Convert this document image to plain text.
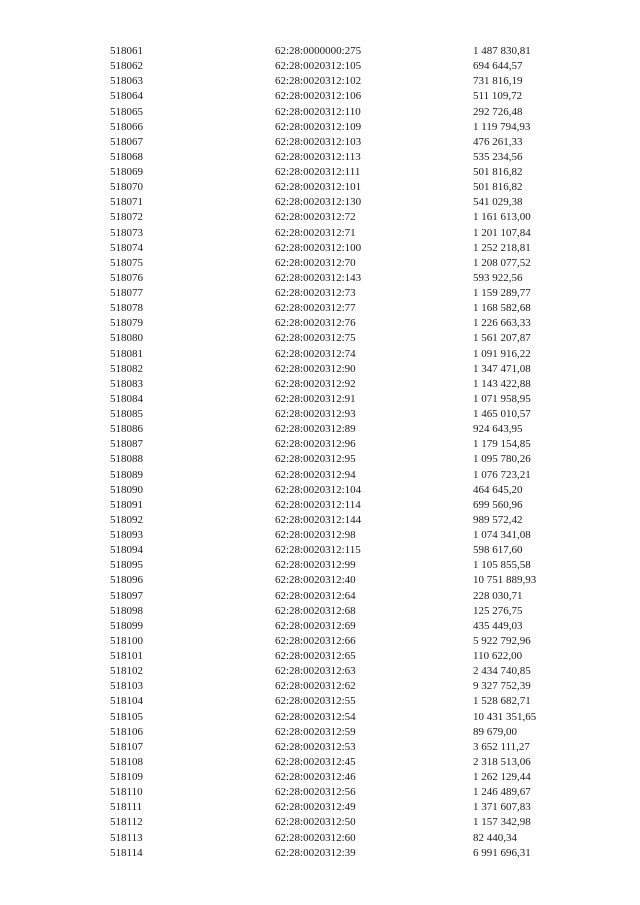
518061	62:28:0000000:275	1 487 830,81
518062	62:28:0020312:105	694 644,57
518063	62:28:0020312:102	731 816,19
518064	62:28:0020312:106	511 109,72
518065	62:28:0020312:110	292 726,48
518066	62:28:0020312:109	1 119 794,93
518067	62:28:0020312:103	476 261,33
518068	62:28:0020312:113	535 234,56
518069	62:28:0020312:111	501 816,82
518070	62:28:0020312:101	501 816,82
518071	62:28:0020312:130	541 029,38
518072	62:28:0020312:72	1 161 613,00
518073	62:28:0020312:71	1 201 107,84
518074	62:28:0020312:100	1 252 218,81
518075	62:28:0020312:70	1 208 077,52
518076	62:28:0020312:143	593 922,56
518077	62:28:0020312:73	1 159 289,77
518078	62:28:0020312:77	1 168 582,68
518079	62:28:0020312:76	1 226 663,33
518080	62:28:0020312:75	1 561 207,87
518081	62:28:0020312:74	1 091 916,22
518082	62:28:0020312:90	1 347 471,08
518083	62:28:0020312:92	1 143 422,88
518084	62:28:0020312:91	1 071 958,95
518085	62:28:0020312:93	1 465 010,57
518086	62:28:0020312:89	924 643,95
518087	62:28:0020312:96	1 179 154,85
518088	62:28:0020312:95	1 095 780,26
518089	62:28:0020312:94	1 076 723,21
518090	62:28:0020312:104	464 645,20
518091	62:28:0020312:114	699 560,96
518092	62:28:0020312:144	989 572,42
518093	62:28:0020312:98	1 074 341,08
518094	62:28:0020312:115	598 617,60
518095	62:28:0020312:99	1 105 855,58
518096	62:28:0020312:40	10 751 889,93
518097	62:28:0020312:64	228 030,71
518098	62:28:0020312:68	125 276,75
518099	62:28:0020312:69	435 449,03
518100	62:28:0020312:66	5 922 792,96
518101	62:28:0020312:65	110 622,00
518102	62:28:0020312:63	2 434 740,85
518103	62:28:0020312:62	9 327 752,39
518104	62:28:0020312:55	1 528 682,71
518105	62:28:0020312:54	10 431 351,65
518106	62:28:0020312:59	89 679,00
518107	62:28:0020312:53	3 652 111,27
518108	62:28:0020312:45	2 318 513,06
518109	62:28:0020312:46	1 262 129,44
518110	62:28:0020312:56	1 246 489,67
518111	62:28:0020312:49	1 371 607,83
518112	62:28:0020312:50	1 157 342,98
518113	62:28:0020312:60	82 440,34
518114	62:28:0020312:39	6 991 696,31
